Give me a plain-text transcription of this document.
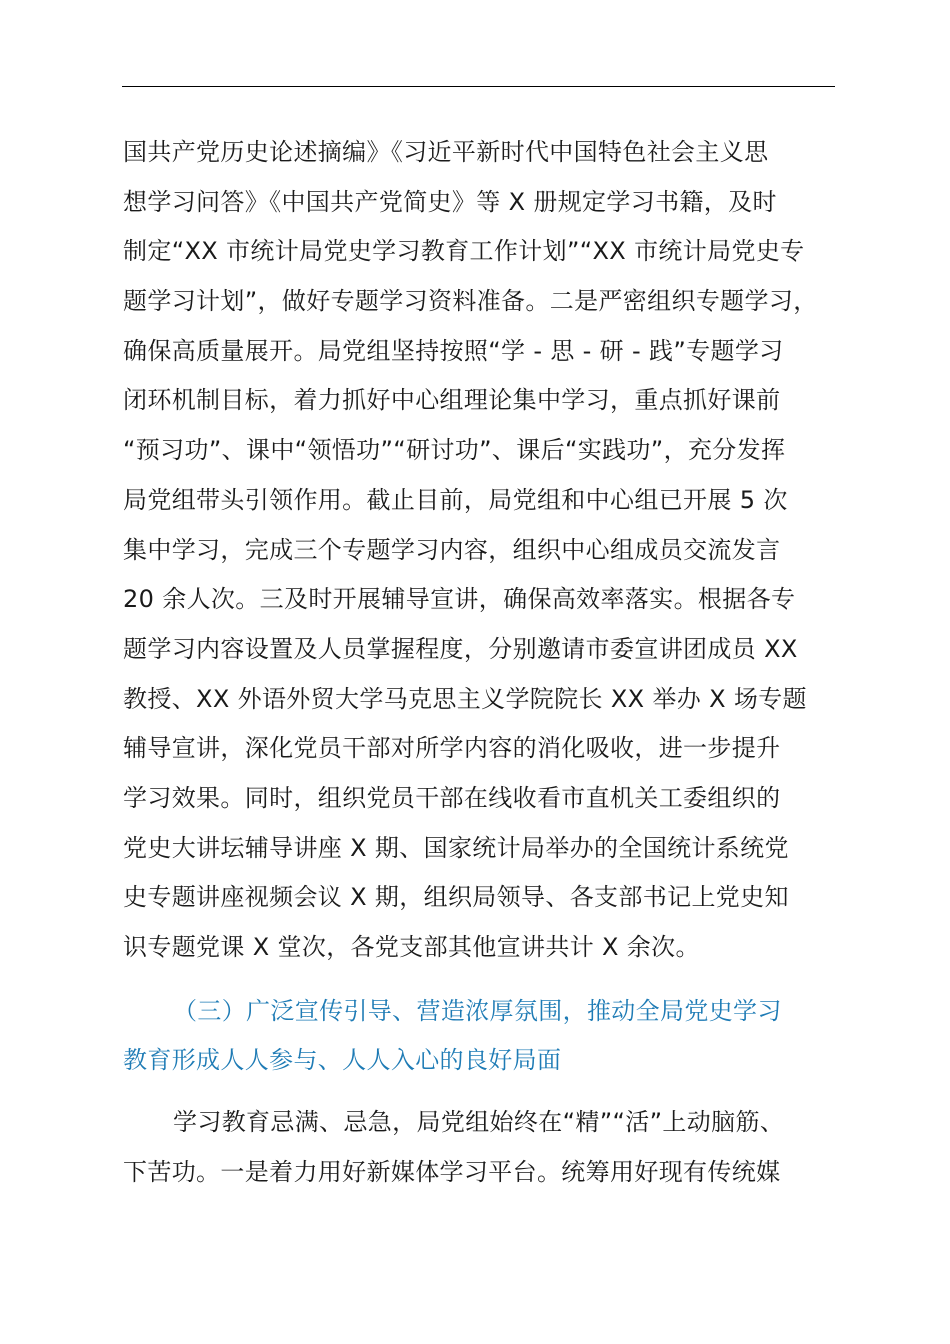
国共产党历史论述摘编》《习近平新时代中国特色社会主义思
想学习问答》《中国共产党简史》等 X 册规定学习书籍，及时
制定“XX 市统计局党史学习教育工作计划”“XX 市统计局党史专
题学习计划”，做好专题学习资料准备。二是严密组织专题学习，
确保高质量展开。局党组坚持按照“学 - 思 - 研 - 践”专题学习
闭环机制目标，着力抓好中心组理论集中学习，重点抓好课前
“预习功”、课中“领悟功”“研讨功”、课后“实践功”，充分发挥
局党组带头引领作用。截止目前，局党组和中心组已开展 5 次
集中学习，完成三个专题学习内容，组织中心组成员交流发言
20 余人次。三及时开展辅导宣讲，确保高效率落实。根据各专
题学习内容设置及人员掌握程度，分别邀请市委宣讲团成员 XX
教授、XX 外语外贸大学马克思主义学院院长 XX 举办 X 场专题
辅导宣讲，深化党员干部对所学内容的消化吸收，进一步提升
学习效果。同时，组织党员干部在线收看市直机关工委组织的
党史大讲坛辅导讲座 X 期、国家统计局举办的全国统计系统党
史专题讲座视频会议 X 期，组织局领导、各支部书记上党史知
识专题党课 X 堂次，各党支部其他宣讲共计 X 余次。
（三）广泛宣传引导、营造浓厚氛围，推动全局党史学习
教育形成人人参与、人人入心的良好局面
学习教育忌满、忌急，局党组始终在“精”“活”上动脑筋、
下苦功。一是着力用好新媒体学习平台。统筹用好现有传统媒
